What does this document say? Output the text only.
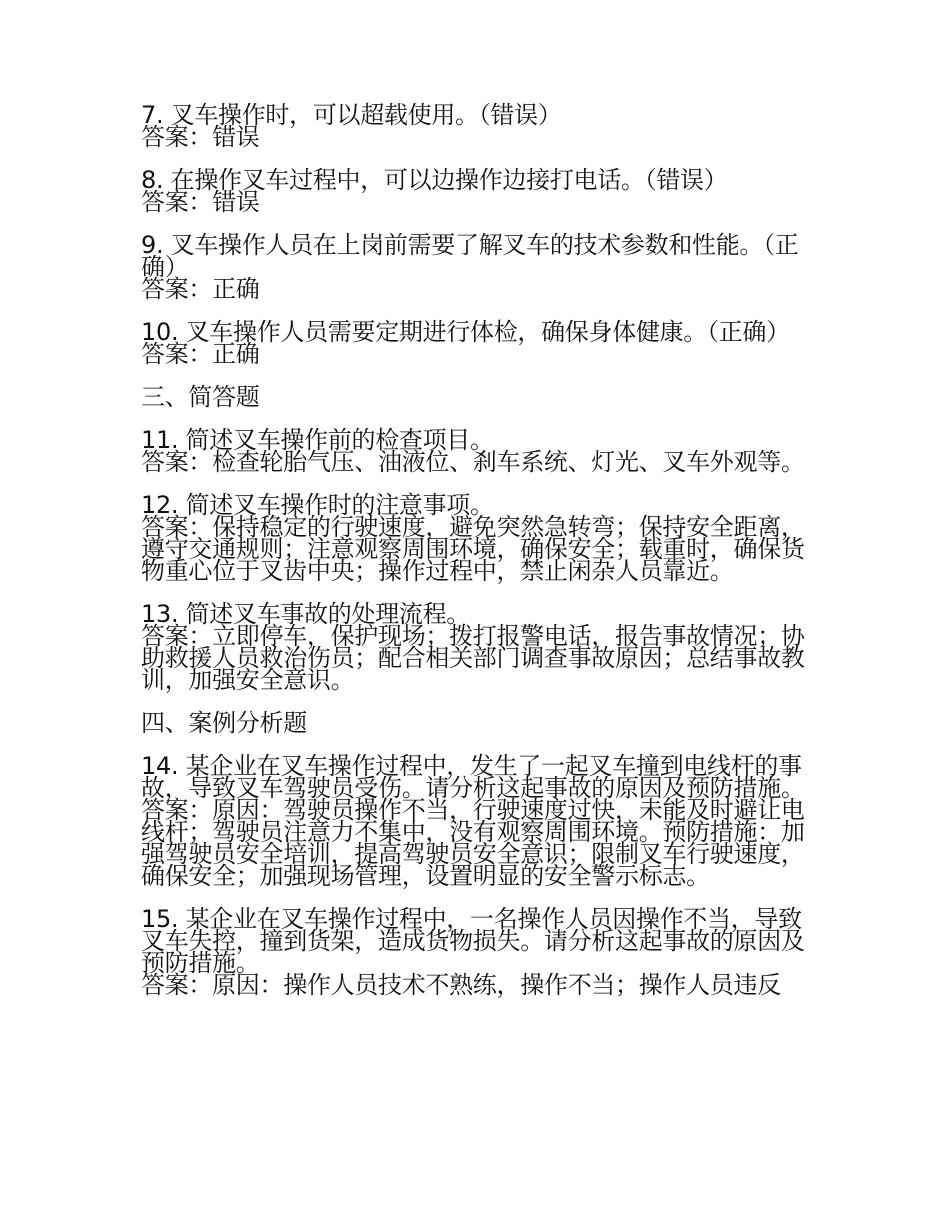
7. 叉车操作时，可以超载使用。（错误）
答案：错误
8. 在操作叉车过程中，可以边操作边接打电话。（错误）
答案：错误
9. 叉车操作人员在上岗前需要了解叉车的技术参数和性能。（正确）
答案：正确
10. 叉车操作人员需要定期进行体检，确保身体健康。（正确）
答案：正确
三、简答题
11. 简述叉车操作前的检查项目。
答案：检查轮胎气压、油液位、刹车系统、灯光、叉车外观等。
12. 简述叉车操作时的注意事项。
答案：保持稳定的行驶速度，避免突然急转弯；保持安全距离，遵守交通规则；注意观察周围环境，确保安全；载重时，确保货物重心位于叉齿中央；操作过程中，禁止闲杂人员靠近。
13. 简述叉车事故的处理流程。
答案：立即停车，保护现场；拨打报警电话，报告事故情况；协助救援人员救治伤员；配合相关部门调查事故原因；总结事故教训，加强安全意识。
四、案例分析题
14. 某企业在叉车操作过程中，发生了一起叉车撞到电线杆的事故，导致叉车驾驶员受伤。请分析这起事故的原因及预防措施。
答案：原因：驾驶员操作不当，行驶速度过快，未能及时避让电线杆；驾驶员注意力不集中，没有观察周围环境。预防措施：加强驾驶员安全培训，提高驾驶员安全意识；限制叉车行驶速度，确保安全；加强现场管理，设置明显的安全警示标志。
15. 某企业在叉车操作过程中，一名操作人员因操作不当，导致叉车失控，撞到货架，造成货物损失。请分析这起事故的原因及预防措施。
答案：原因：操作人员技术不熟练，操作不当；操作人员违反
